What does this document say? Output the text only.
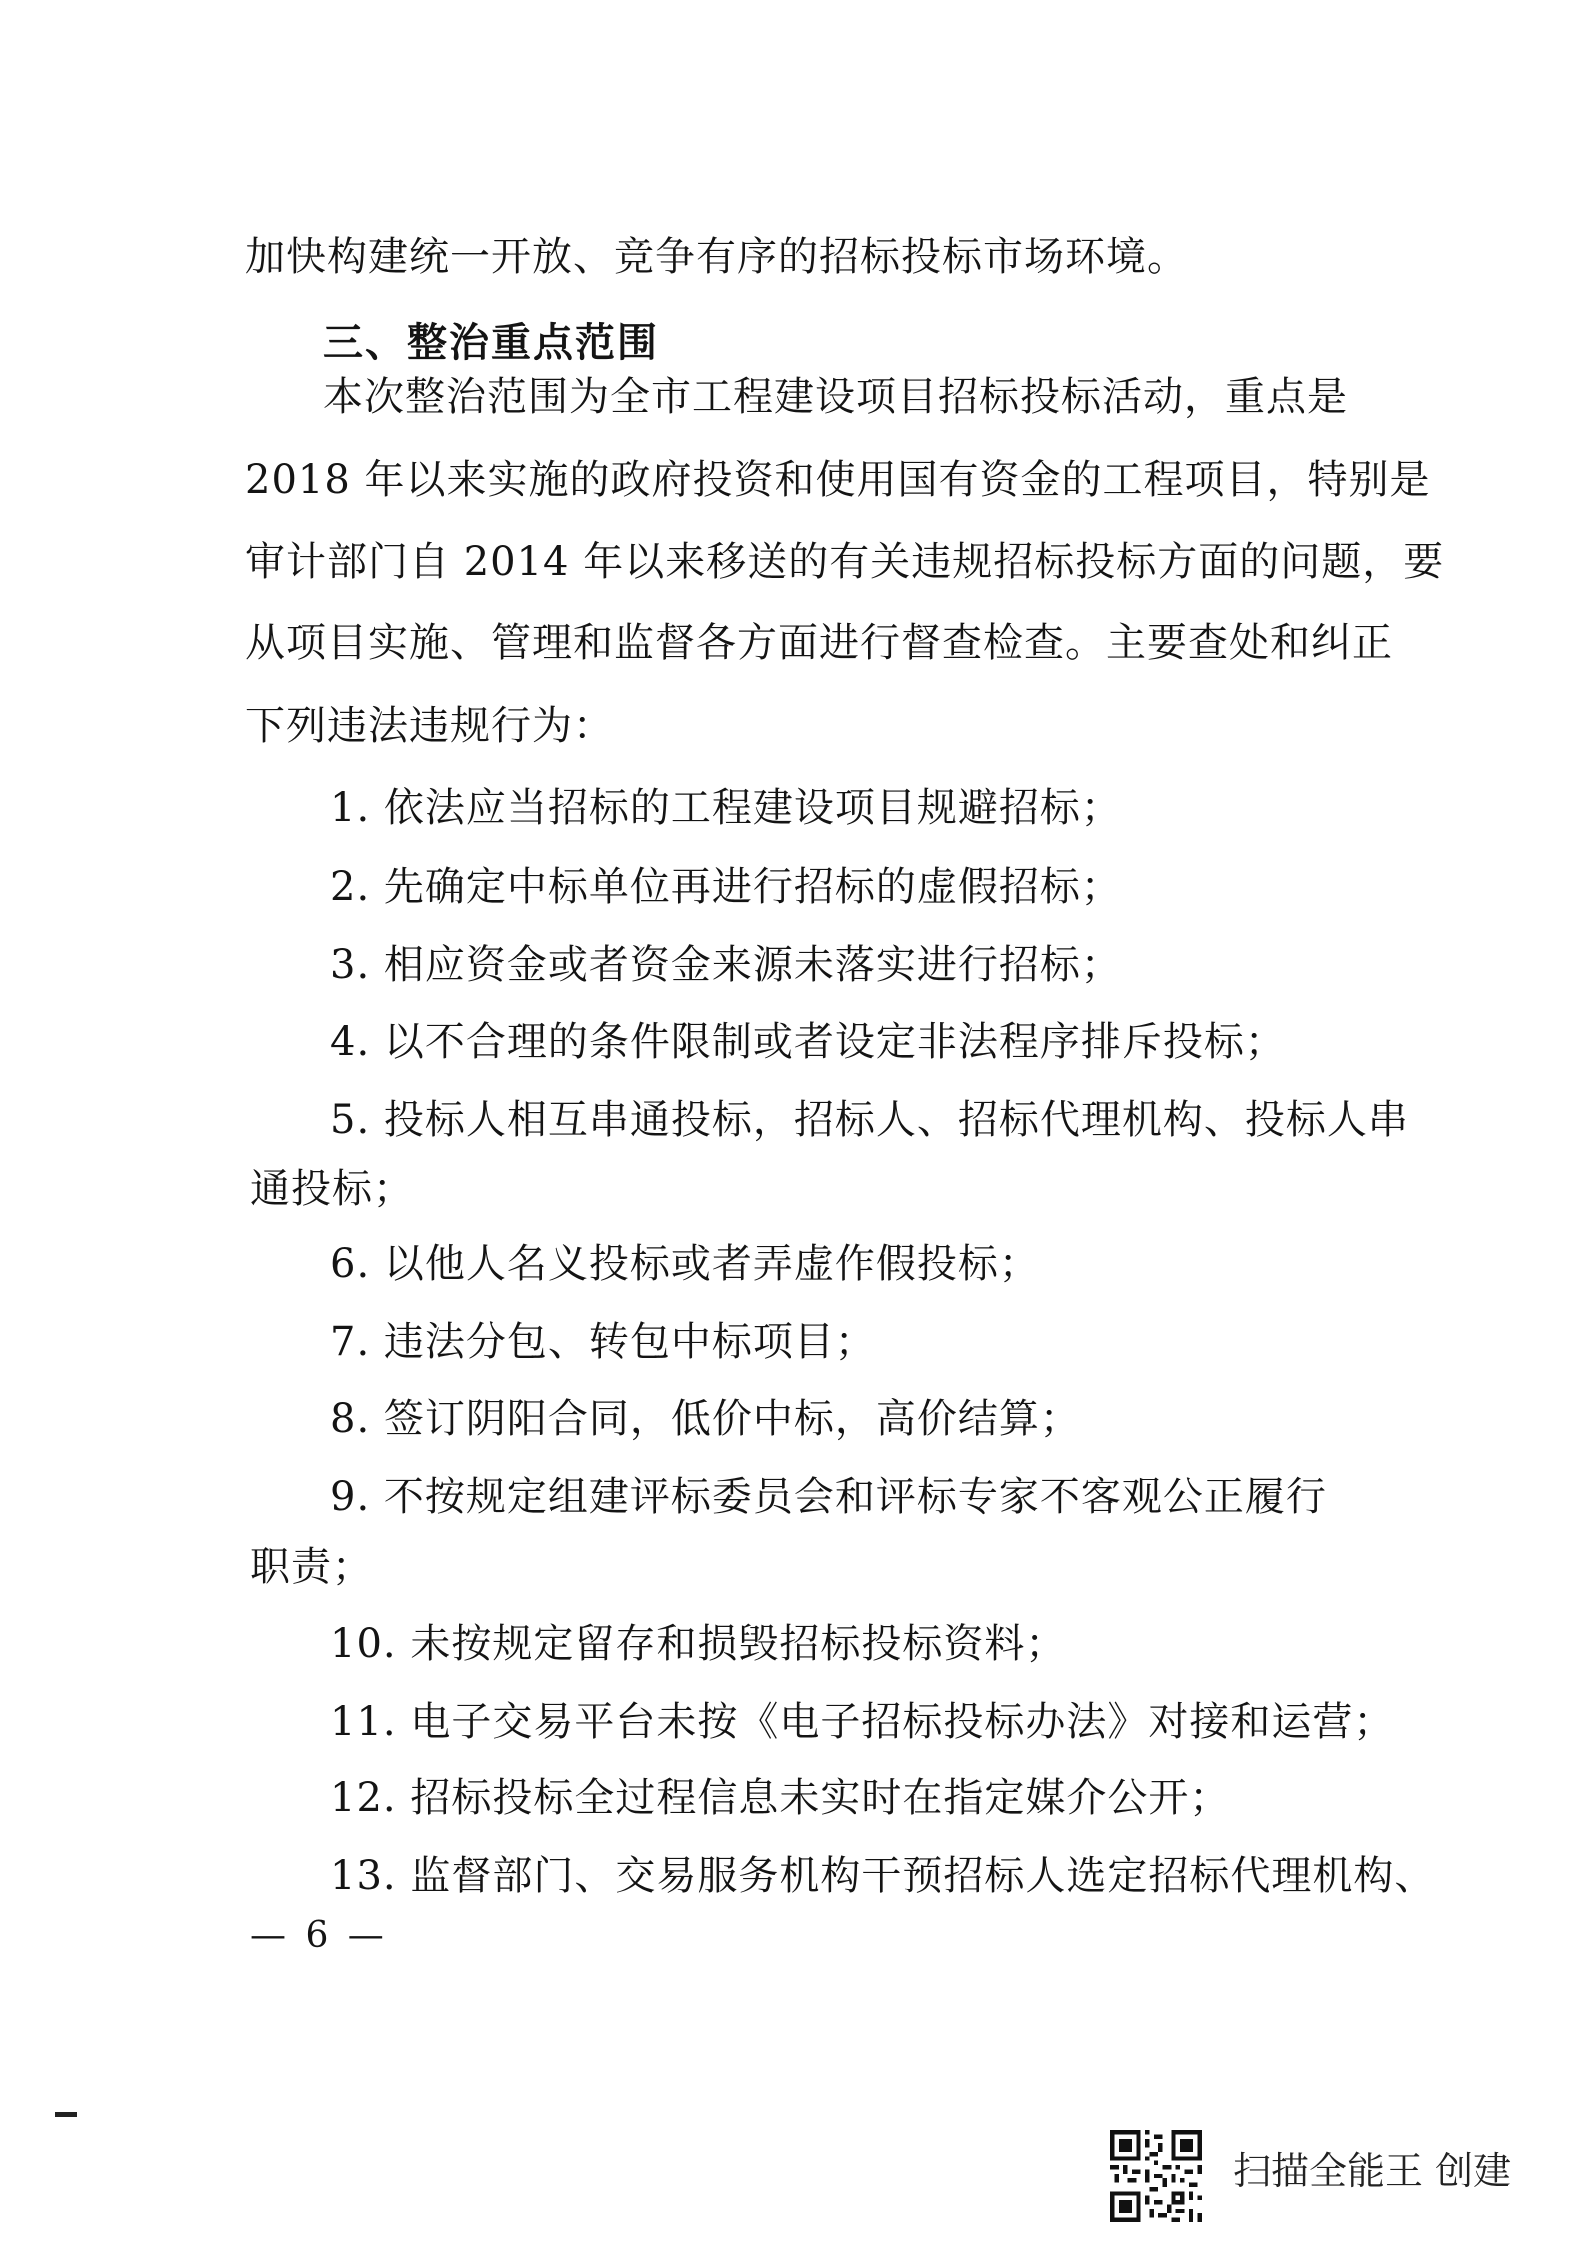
加快构建统一开放、竞争有序的招标投标市场环境。
三、整治重点范围
本次整治范围为全市工程建设项目招标投标活动，重点是
2018 年以来实施的政府投资和使用国有资金的工程项目，特别是
审计部门自 2014 年以来移送的有关违规招标投标方面的问题，要
从项目实施、管理和监督各方面进行督查检查。主要查处和纠正
下列违法违规行为：
1. 依法应当招标的工程建设项目规避招标；
2. 先确定中标单位再进行招标的虚假招标；
3. 相应资金或者资金来源未落实进行招标；
4. 以不合理的条件限制或者设定非法程序排斥投标；
5. 投标人相互串通投标，招标人、招标代理机构、投标人串
通投标；
6. 以他人名义投标或者弄虚作假投标；
7. 违法分包、转包中标项目；
8. 签订阴阳合同，低价中标，高价结算；
9. 不按规定组建评标委员会和评标专家不客观公正履行
职责；
10. 未按规定留存和损毁招标投标资料；
11. 电子交易平台未按《电子招标投标办法》对接和运营；
12. 招标投标全过程信息未实时在指定媒介公开；
13. 监督部门、交易服务机构干预招标人选定招标代理机构、
— 6 —
扫描全能王 创建
